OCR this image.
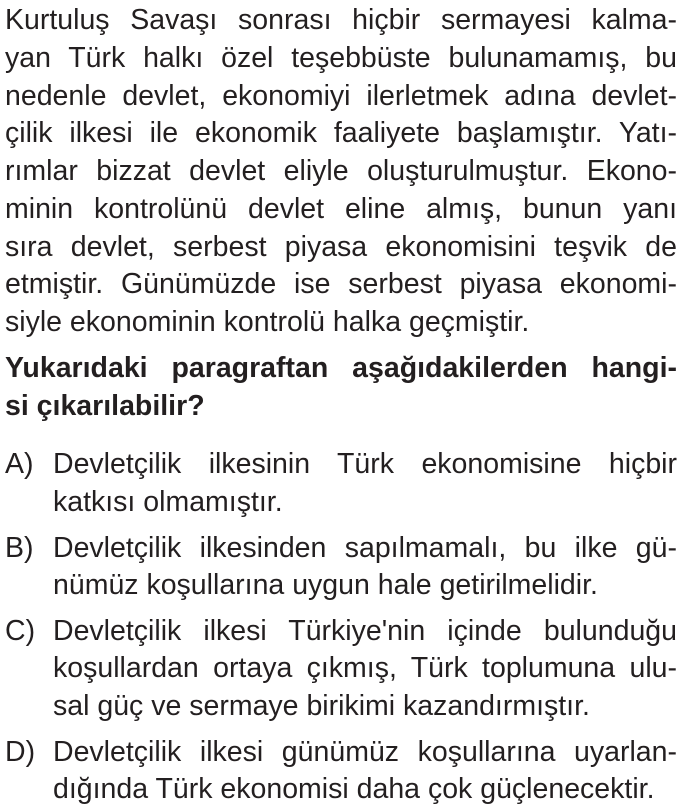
Kurtuluş Savaşı sonrası hiçbir sermayesi kalma-
yan Türk halkı özel teşebbüste bulunamamış, bu
nedenle devlet, ekonomiyi ilerletmek adına devlet-
çilik ilkesi ile ekonomik faaliyete başlamıştır. Yatı-
rımlar bizzat devlet eliyle oluşturulmuştur. Ekono-
minin kontrolünü devlet eline almış, bunun yanı
sıra devlet, serbest piyasa ekonomisini teşvik de
etmiştir. Günümüzde ise serbest piyasa ekonomi-
siyle ekonominin kontrolü halka geçmiştir.
Yukarıdaki paragraftan aşağıdakilerden hangi-
si çıkarılabilir?
A) Devletçilik ilkesinin Türk ekonomisine hiçbir
katkısı olmamıştır.
B) Devletçilik ilkesinden sapılmamalı, bu ilke gü-
nümüz koşullarına uygun hale getirilmelidir.
C) Devletçilik ilkesi Türkiye'nin içinde bulunduğu
koşullardan ortaya çıkmış, Türk toplumuna ulu-
sal güç ve sermaye birikimi kazandırmıştır.
D) Devletçilik ilkesi günümüz koşullarına uyarlan-
dığında Türk ekonomisi daha çok güçlenecektir.
